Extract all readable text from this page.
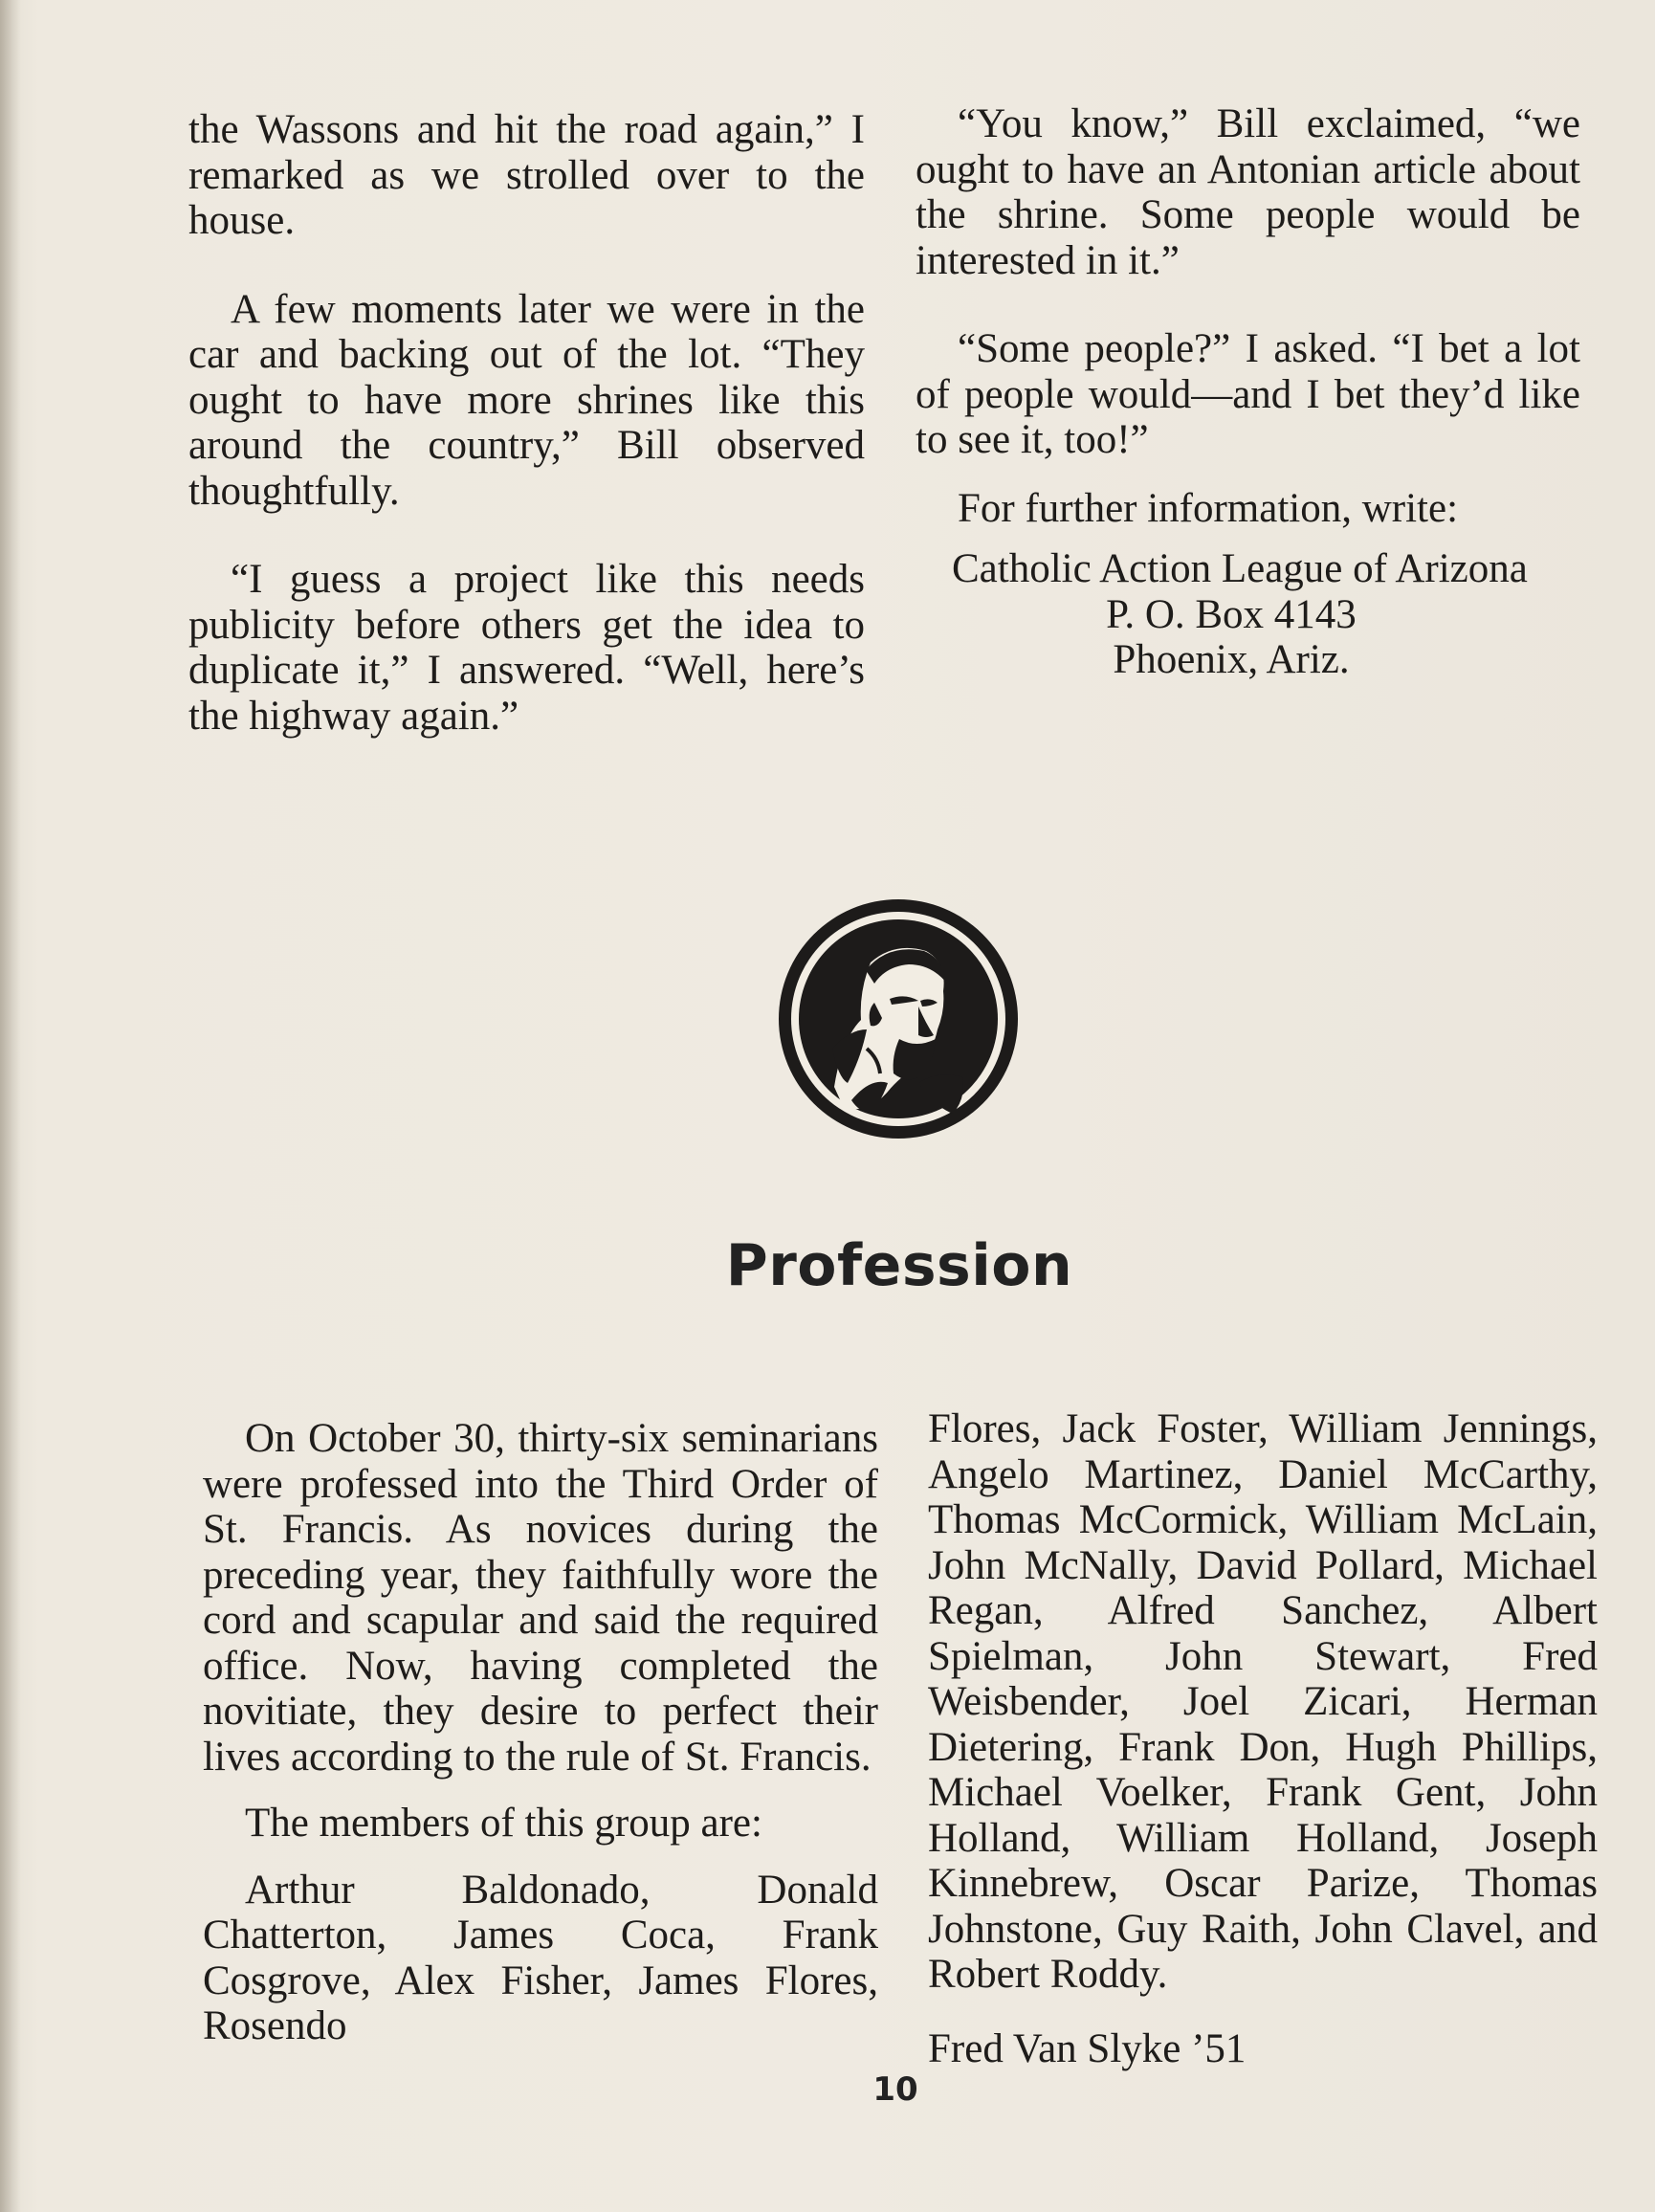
the Wassons and hit the road again,” I remarked as we strolled over to the house.

A few moments later we were in the car and backing out of the lot. “They ought to have more shrines like this around the country,” Bill observed thoughtfully.

“I guess a project like this needs publicity before others get the idea to duplicate it,” I answered. “Well, here’s the highway again.”

“You know,” Bill exclaimed, “we ought to have an Antonian article about the shrine. Some people would be interested in it.”

“Some people?” I asked. “I bet a lot of people would—and I bet they’d like to see it, too!”

For further information, write:

Catholic Action League of Arizona
P. O. Box 4143
Phoenix, Ariz.
Profession

On October 30, thirty-six seminarians were professed into the Third Order of St. Francis. As novices during the preceding year, they faithfully wore the cord and scapular and said the required office. Now, having completed the novitiate, they desire to perfect their lives according to the rule of St. Francis.

The members of this group are:

Arthur Baldonado, Donald Chatterton, James Coca, Frank Cosgrove, Alex Fisher, James Flores, Rosendo

Flores, Jack Foster, William Jennings, Angelo Martinez, Daniel McCarthy, Thomas McCormick, William McLain, John McNally, David Pollard, Michael Regan, Alfred Sanchez, Albert Spielman, John Stewart, Fred Weisbender, Joel Zicari, Herman Dietering, Frank Don, Hugh Phillips, Michael Voelker, Frank Gent, John Holland, William Holland, Joseph Kinnebrew, Oscar Parize, Thomas Johnstone, Guy Raith, John Clavel, and Robert Roddy.

Fred Van Slyke ’51

10
